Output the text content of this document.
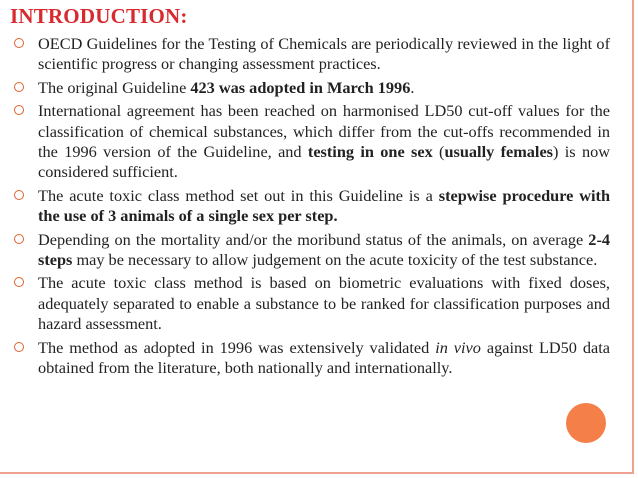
INTRODUCTION:
OECD Guidelines for the Testing of Chemicals are periodically reviewed in the light of scientific progress or changing assessment practices.
The original Guideline 423 was adopted in March 1996.
International agreement has been reached on harmonised LD50 cut-off values for the classification of chemical substances, which differ from the cut-offs recommended in the 1996 version of the Guideline, and testing in one sex (usually females) is now considered sufficient.
The acute toxic class method set out in this Guideline is a stepwise procedure with the use of 3 animals of a single sex per step.
Depending on the mortality and/or the moribund status of the animals, on average 2-4 steps may be necessary to allow judgement on the acute toxicity of the test substance.
The acute toxic class method is based on biometric evaluations with fixed doses, adequately separated to enable a substance to be ranked for classification purposes and hazard assessment.
The method as adopted in 1996 was extensively validated in vivo against LD50 data obtained from the literature, both nationally and internationally.
